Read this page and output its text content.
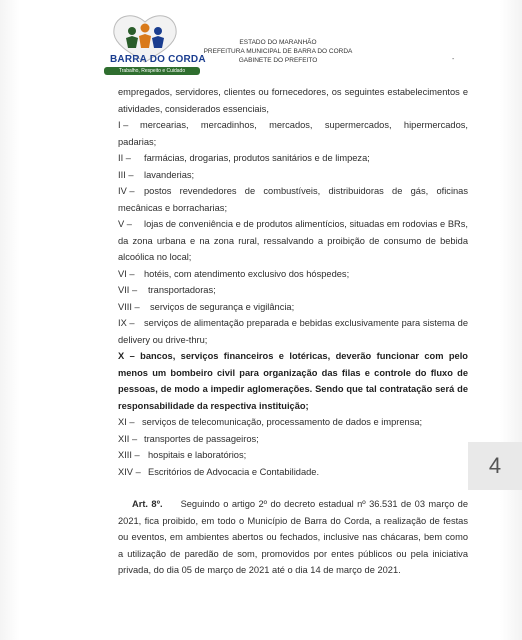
BARRA DO CORDA
Trabalho, Respeito e Cuidado
ESTADO DO MARANHÃO
PREFEITURA MUNICIPAL DE BARRA DO CORDA
GABINETE DO PREFEITO	-

empregados, servidores, clientes ou fornecedores, os seguintes estabelecimentos e atividades, considerados essenciais,

I – mercearias, mercadinhos, mercados, supermercados, hipermercados, padarias;

II – farmácias, drogarias, produtos sanitários e de limpeza;

III – lavanderias;

IV – postos revendedores de combustíveis, distribuidoras de gás, oficinas mecânicas e borracharias;

V – lojas de conveniência e de produtos alimentícios, situadas em rodovias e BRs, da zona urbana e na zona rural, ressalvando a proibição de consumo de bebida alcoólica no local;

VI – hotéis, com atendimento exclusivo dos hóspedes;

VII – transportadoras;

VIII – serviços de segurança e vigilância;

IX – serviços de alimentação preparada e bebidas exclusivamente para sistema de delivery ou drive-thru;

X – bancos, serviços financeiros e lotéricas, deverão funcionar com pelo menos um bombeiro civil para organização das filas e controle do fluxo de pessoas, de modo a impedir aglomerações. Sendo que tal contratação será de responsabilidade da respectiva instituição;

XI – serviços de telecomunicação, processamento de dados e imprensa;

XII – transportes de passageiros;

XIII – hospitais e laboratórios;

XIV – Escritórios de Advocacia e Contabilidade.

Art. 8º. Seguindo o artigo 2º do decreto estadual nº 36.531 de 03 março de 2021, fica proibido, em todo o Município de Barra do Corda, a realização de festas ou eventos, em ambientes abertos ou fechados, inclusive nas chácaras, bem como a utilização de paredão de som, promovidos por entes públicos ou pela iniciativa privada, do dia 05 de março de 2021 até o dia 14 de março de 2021.

4
